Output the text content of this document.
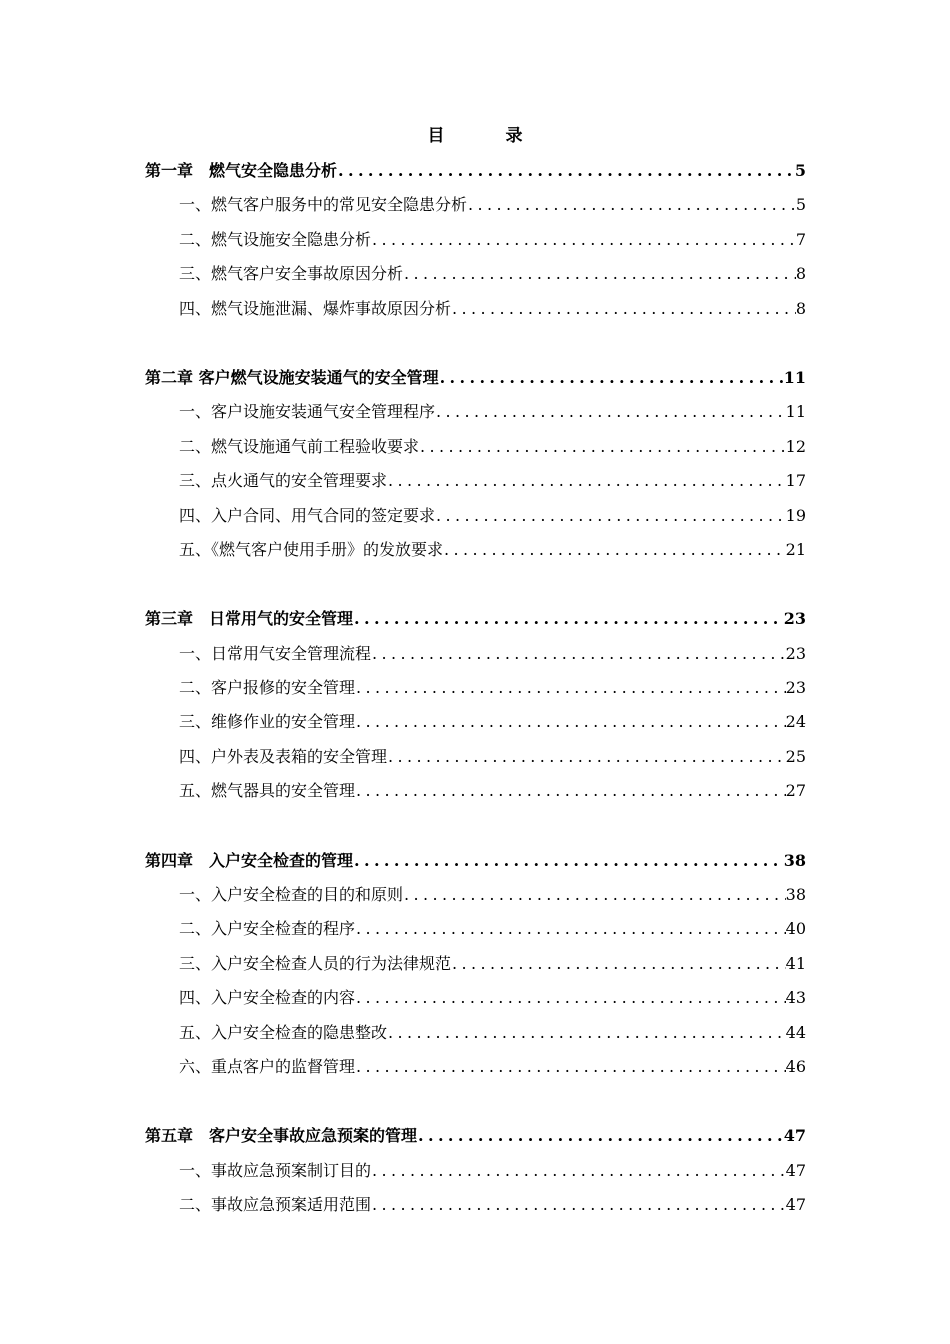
目　录
第一章　燃气安全隐患分析 .....	5
一、燃气客户服务中的常见安全隐患分析 .....	5
二、燃气设施安全隐患分析 .....	7
三、燃气客户安全事故原因分析 .....	8
四、燃气设施泄漏、爆炸事故原因分析 .....	8
第二章 客户燃气设施安装通气的安全管理 .....	11
一、客户设施安装通气安全管理程序 .....	11
二、燃气设施通气前工程验收要求 .....	12
三、点火通气的安全管理要求 .....	17
四、入户合同、用气合同的签定要求 .....	19
五、《燃气客户使用手册》的发放要求 .....	21
第三章　日常用气的安全管理 .....	23
一、日常用气安全管理流程 .....	23
二、客户报修的安全管理 .....	23
三、维修作业的安全管理 .....	24
四、户外表及表箱的安全管理 .....	25
五、燃气器具的安全管理 .....	27
第四章　入户安全检查的管理 .....	38
一、入户安全检查的目的和原则 .....	38
二、入户安全检查的程序 .....	40
三、入户安全检查人员的行为法律规范 .....	41
四、入户安全检查的内容 .....	43
五、入户安全检查的隐患整改 .....	44
六、重点客户的监督管理 .....	46
第五章　客户安全事故应急预案的管理 .....	47
一、事故应急预案制订目的 .....	47
二、事故应急预案适用范围 .....	47
